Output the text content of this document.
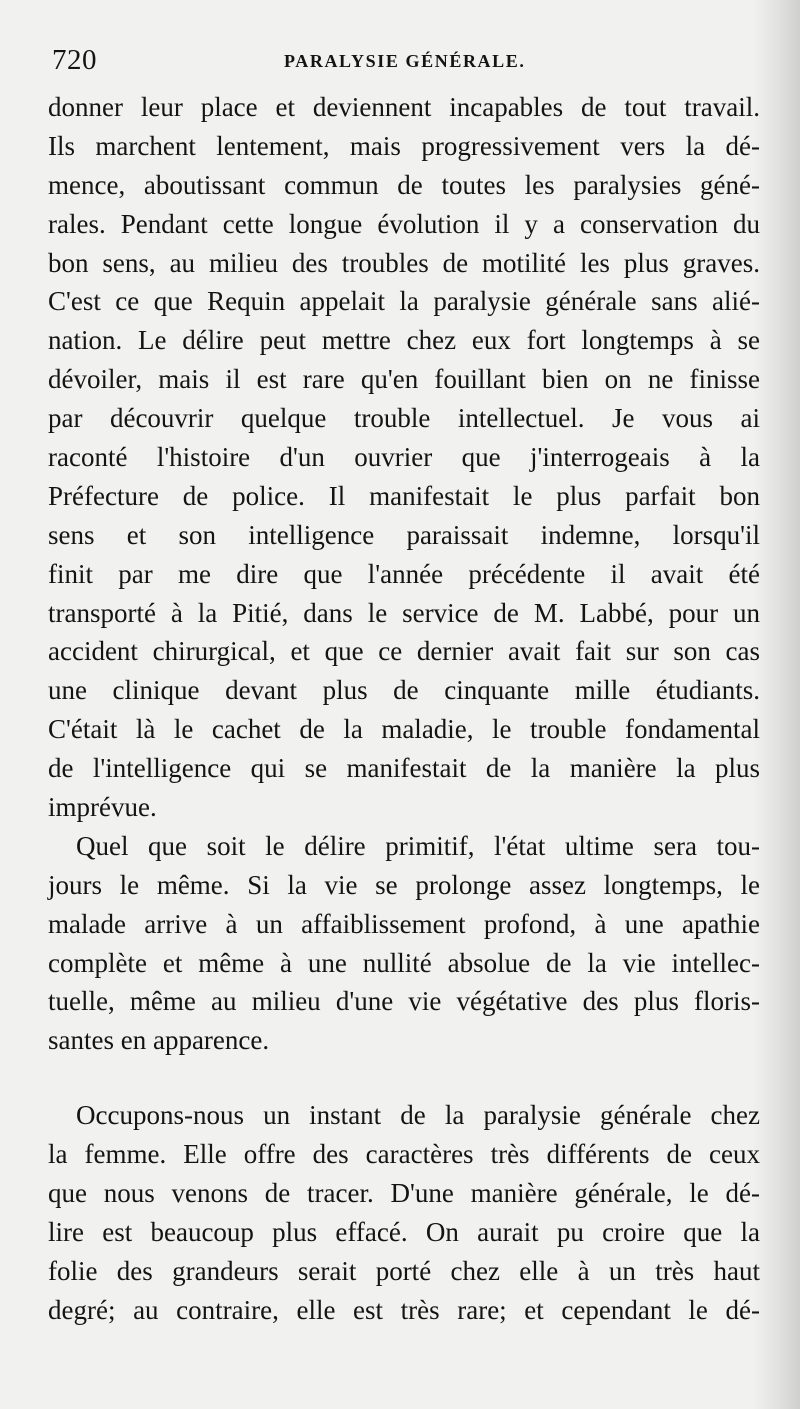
720	PARALYSIE GÉNÉRALE.
donner leur place et deviennent incapables de tout travail.
Ils marchent lentement, mais progressivement vers la dé-
mence, aboutissant commun de toutes les paralysies géné-
rales. Pendant cette longue évolution il y a conservation du
bon sens, au milieu des troubles de motilité les plus graves.
C'est ce que Requin appelait la paralysie générale sans alié-
nation. Le délire peut mettre chez eux fort longtemps à se
dévoiler, mais il est rare qu'en fouillant bien on ne finisse
par découvrir quelque trouble intellectuel. Je vous ai
raconté l'histoire d'un ouvrier que j'interrogeais à la
Préfecture de police. Il manifestait le plus parfait bon
sens et son intelligence paraissait indemne, lorsqu'il
finit par me dire que l'année précédente il avait été
transporté à la Pitié, dans le service de M. Labbé, pour un
accident chirurgical, et que ce dernier avait fait sur son cas
une clinique devant plus de cinquante mille étudiants.
C'était là le cachet de la maladie, le trouble fondamental
de l'intelligence qui se manifestait de la manière la plus
imprévue.
Quel que soit le délire primitif, l'état ultime sera tou-
jours le même. Si la vie se prolonge assez longtemps, le
malade arrive à un affaiblissement profond, à une apathie
complète et même à une nullité absolue de la vie intellec-
tuelle, même au milieu d'une vie végétative des plus floris-
santes en apparence.
Occupons-nous un instant de la paralysie générale chez
la femme. Elle offre des caractères très différents de ceux
que nous venons de tracer. D'une manière générale, le dé-
lire est beaucoup plus effacé. On aurait pu croire que la
folie des grandeurs serait porté chez elle à un très haut
degré; au contraire, elle est très rare; et cependant le dé-
